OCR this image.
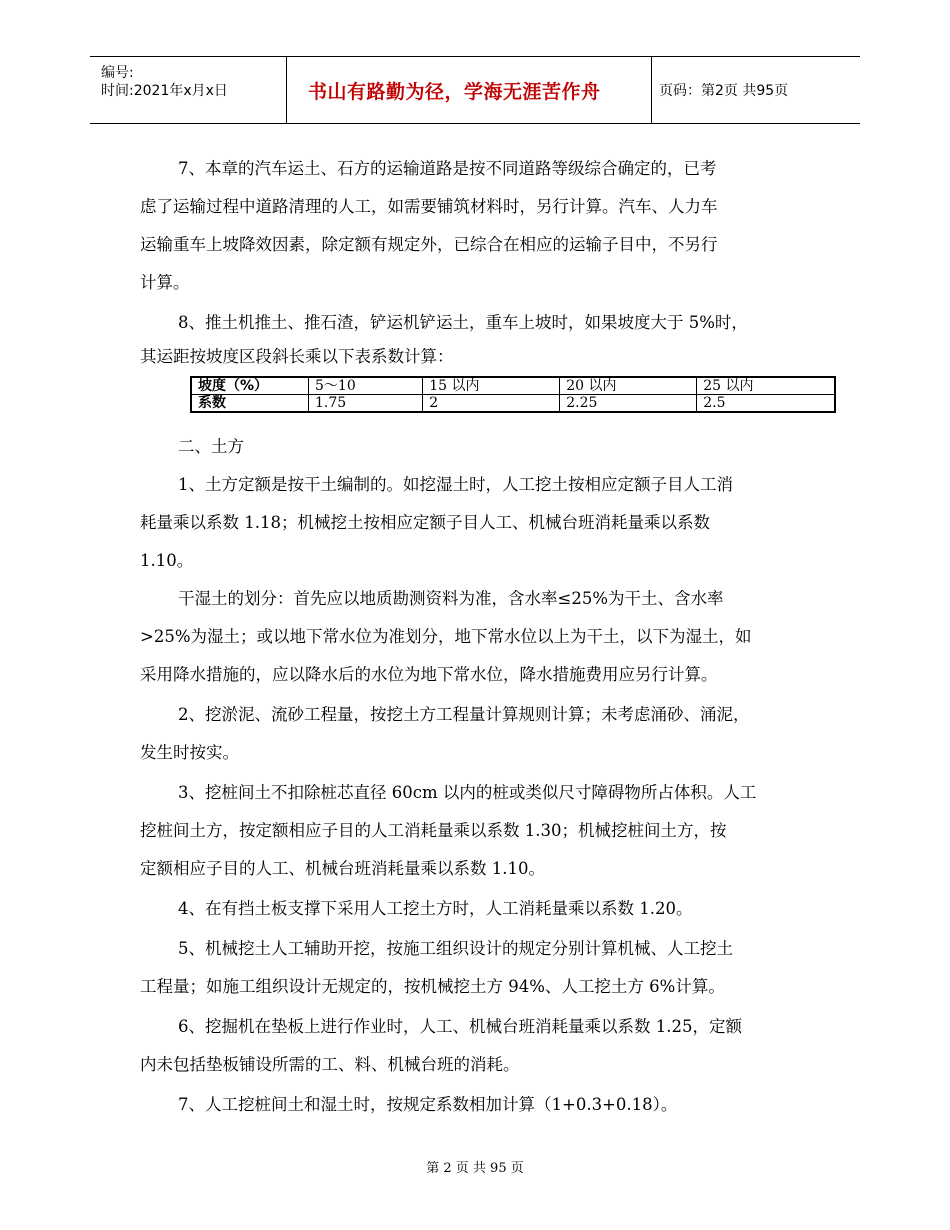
编号:
时间:2021年x月x日	书山有路勤为径，学海无涯苦作舟	页码：第2页 共95页
7、本章的汽车运土、石方的运输道路是按不同道路等级综合确定的，已考
虑了运输过程中道路清理的人工，如需要铺筑材料时，另行计算。汽车、人力车
运输重车上坡降效因素，除定额有规定外，已综合在相应的运输子目中，不另行
计算。
8、推土机推土、推石渣，铲运机铲运土，重车上坡时，如果坡度大于 5%时，
其运距按坡度区段斜长乘以下表系数计算：
坡度（%）	5～10	15 以内	20 以内	25 以内
系数	1.75	2	2.25	2.5
二、土方
1、土方定额是按干土编制的。如挖湿土时，人工挖土按相应定额子目人工消
耗量乘以系数 1.18；机械挖土按相应定额子目人工、机械台班消耗量乘以系数
1.10。
干湿土的划分：首先应以地质勘测资料为准，含水率≤25%为干土、含水率
>25%为湿土；或以地下常水位为准划分，地下常水位以上为干土，以下为湿土，如
采用降水措施的，应以降水后的水位为地下常水位，降水措施费用应另行计算。
2、挖淤泥、流砂工程量，按挖土方工程量计算规则计算；未考虑涌砂、涌泥，
发生时按实。
3、挖桩间土不扣除桩芯直径 60cm 以内的桩或类似尺寸障碍物所占体积。人工
挖桩间土方，按定额相应子目的人工消耗量乘以系数 1.30；机械挖桩间土方，按
定额相应子目的人工、机械台班消耗量乘以系数 1.10。
4、在有挡土板支撑下采用人工挖土方时，人工消耗量乘以系数 1.20。
5、机械挖土人工辅助开挖，按施工组织设计的规定分别计算机械、人工挖土
工程量；如施工组织设计无规定的，按机械挖土方 94%、人工挖土方 6%计算。
6、挖掘机在垫板上进行作业时，人工、机械台班消耗量乘以系数 1.25，定额
内未包括垫板铺设所需的工、料、机械台班的消耗。
7、人工挖桩间土和湿土时，按规定系数相加计算（1+0.3+0.18）。
第 2 页 共 95 页
